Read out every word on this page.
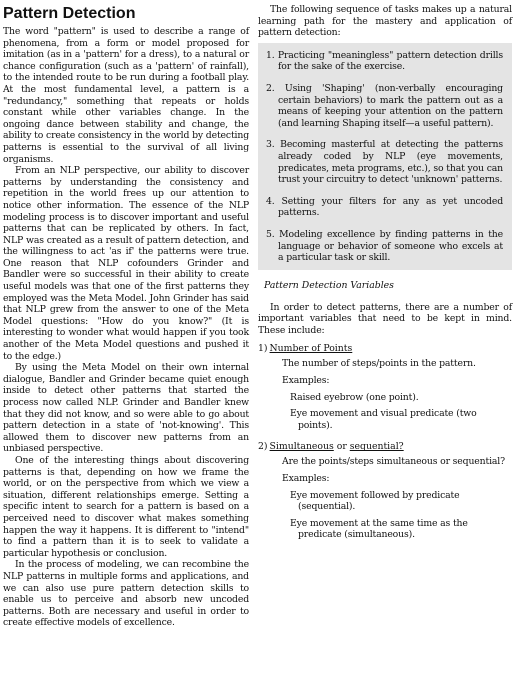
Pattern Detection

The word "pattern" is used to describe a range of phenomena, from a form or model proposed for imitation (as in a 'pattern' for a dress), to a natural or chance configuration (such as a 'pattern' of rainfall), to the intended route to be run during a football play. At the most fundamental level, a pattern is a "redundancy," something that repeats or holds constant while other variables change. In the ongoing dance between stability and change, the ability to create consistency in the world by detecting patterns is essential to the survival of all living organisms.

From an NLP perspective, our ability to discover patterns by understanding the consistency and repetition in the world frees up our attention to notice other information. The essence of the NLP modeling process is to discover important and useful patterns that can be replicated by others. In fact, NLP was created as a result of pattern detection, and the willingness to act 'as if' the patterns were true. One reason that NLP cofounders Grinder and Bandler were so successful in their ability to create useful models was that one of the first patterns they employed was the Meta Model. John Grinder has said that NLP grew from the answer to one of the Meta Model questions: "How do you know?" (It is interesting to wonder what would happen if you took another of the Meta Model questions and pushed it to the edge.)

By using the Meta Model on their own internal dialogue, Bandler and Grinder became quiet enough inside to detect other patterns that started the process now called NLP. Grinder and Bandler knew that they did not know, and so were able to go about pattern detection in a state of 'not-knowing'. This allowed them to discover new patterns from an unbiased perspective.

One of the interesting things about discovering patterns is that, depending on how we frame the world, or on the perspective from which we view a situation, different relationships emerge. Setting a specific intent to search for a pattern is based on a perceived need to discover what makes something happen the way it happens. It is different to "intend" to find a pattern than it is to seek to validate a particular hypothesis or conclusion.

In the process of modeling, we can recombine the NLP patterns in multiple forms and applications, and we can also use pure pattern detection skills to enable us to perceive and absorb new uncoded patterns. Both are necessary and useful in order to create effective models of excellence.

The following sequence of tasks makes up a natural learning path for the mastery and application of pattern detection:

1. Practicing "meaningless" pattern detection drills for the sake of the exercise.

2. Using 'Shaping' (non-verbally encouraging certain behaviors) to mark the pattern out as a means of keeping your attention on the pattern (and learning Shaping itself—a useful pattern).

3. Becoming masterful at detecting the patterns already coded by NLP (eye movements, predicates, meta programs, etc.), so that you can trust your circuitry to detect 'unknown' patterns.

4. Setting your filters for any as yet uncoded patterns.

5. Modeling excellence by finding patterns in the language or behavior of someone who excels at a particular task or skill.

Pattern Detection Variables

In order to detect patterns, there are a number of important variables that need to be kept in mind. These include:

1) Number of Points
The number of steps/points in the pattern.
Examples:
Raised eyebrow (one point).
Eye movement and visual predicate (two points).
2) Simultaneous or sequential?
Are the points/steps simultaneous or sequential?
Examples:
Eye movement followed by predicate (sequential).
Eye movement at the same time as the predicate (simultaneous).
